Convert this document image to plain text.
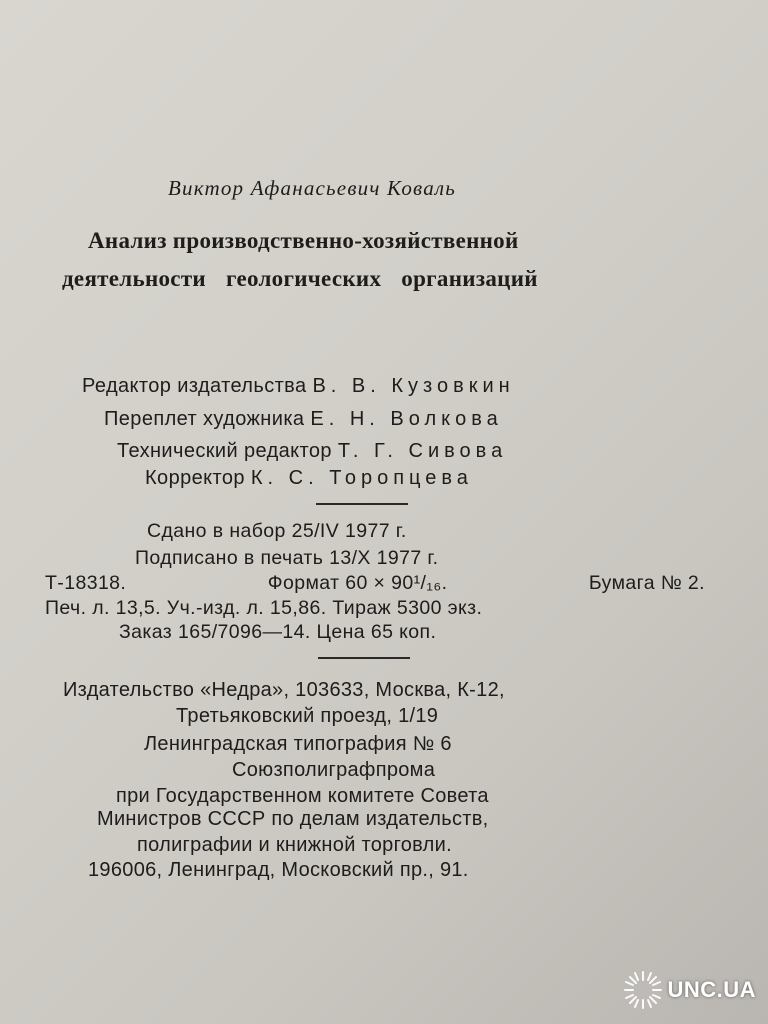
Виктор Афанасьевич Коваль

Анализ производственно-хозяйственной

деятельности геологических организаций

Редактор издательства В. В. Кузовкин

Переплет художника Е. Н. Волкова

Технический редактор Т. Г. Сивова

Корректор К. С. Торопцева

Сдано в набор 25/IV 1977 г.

Подписано в печать 13/X 1977 г.

Т-18318.	Формат 60 × 90¹/₁₆.	Бумага № 2.

Печ. л. 13,5. Уч.-изд. л. 15,86. Тираж 5300 экз.

Заказ 165/7096—14. Цена 65 коп.

Издательство «Недра», 103633, Москва, К-12,

Третьяковский проезд, 1/19

Ленинградская типография № 6

Союзполиграфпрома

при Государственном комитете Совета

Министров СССР по делам издательств,

полиграфии и книжной торговли.

196006, Ленинград, Московский пр., 91.

UNC.UA
